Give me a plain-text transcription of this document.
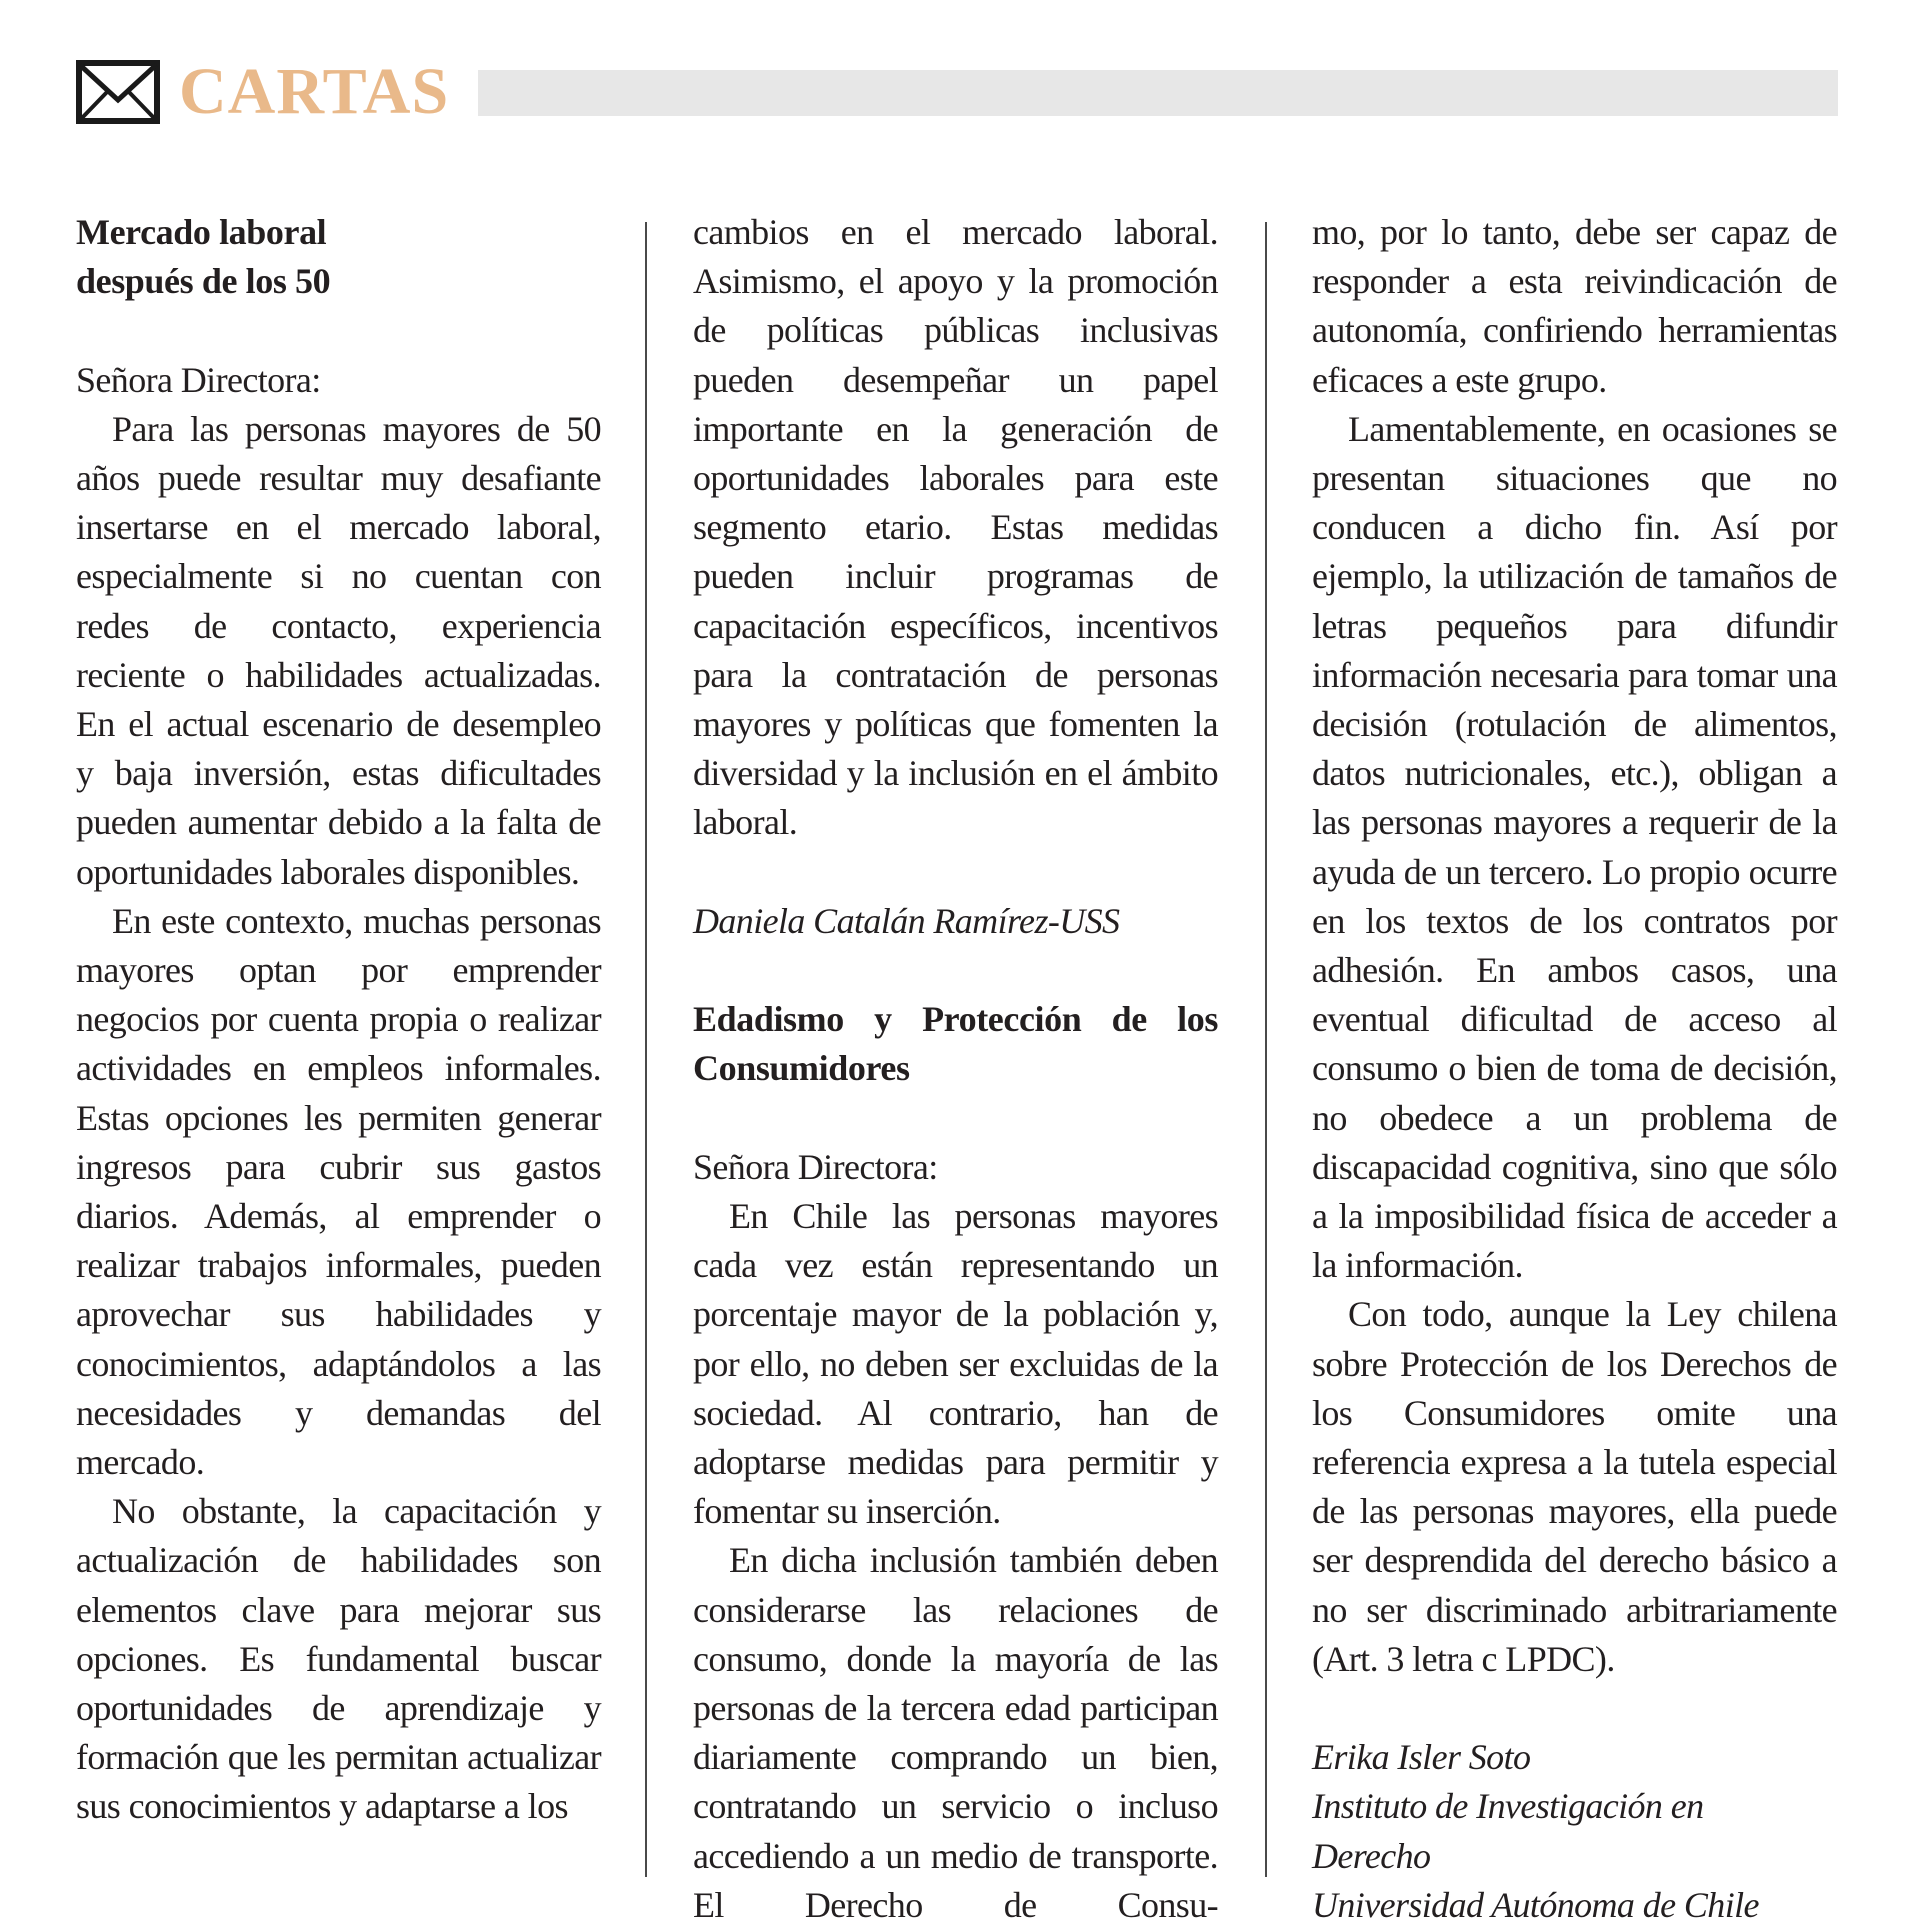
CARTAS
Mercado laboral
después de los 50

Señora Directora:

Para las personas mayores de 50 años puede resultar muy desafiante insertarse en el mercado laboral, especialmente si no cuentan con redes de contacto, experiencia reciente o habilidades actualizadas. En el actual escenario de desempleo y baja inversión, estas dificultades pueden aumentar debido a la falta de oportunidades laborales disponibles.

En este contexto, muchas personas mayores optan por emprender negocios por cuenta propia o realizar actividades en empleos informales. Estas opciones les permiten generar ingresos para cubrir sus gastos diarios. Además, al emprender o realizar trabajos informales, pueden aprovechar sus habilidades y conocimientos, adaptándolos a las necesidades y demandas del mercado.

No obstante, la capacitación y actualización de habilidades son elementos clave para mejorar sus opciones. Es fundamental buscar oportunidades de aprendizaje y formación que les permitan actualizar sus conocimientos y adaptarse a los

cambios en el mercado laboral. Asimismo, el apoyo y la promoción de políticas públicas inclusivas pueden desempeñar un papel importante en la generación de oportunidades laborales para este segmento etario. Estas medidas pueden incluir programas de capacitación específicos, incentivos para la contratación de personas mayores y políticas que fomenten la diversidad y la inclusión en el ámbito laboral.

Daniela Catalán Ramírez-USS

Edadismo y Protección de los Consumidores

Señora Directora:

En Chile las personas mayores cada vez están representando un porcentaje mayor de la población y, por ello, no deben ser excluidas de la sociedad. Al contrario, han de adoptarse medidas para permitir y fomentar su inserción.

En dicha inclusión también deben considerarse las relaciones de consumo, donde la mayoría de las personas de la tercera edad participan diariamente comprando un bien, contratando un servicio o incluso accediendo a un medio de transporte. El Derecho de Consu-

mo, por lo tanto, debe ser capaz de responder a esta reivindicación de autonomía, confiriendo herramientas eficaces a este grupo.

Lamentablemente, en ocasiones se presentan situaciones que no conducen a dicho fin. Así por ejemplo, la utilización de tamaños de letras pequeños para difundir información necesaria para tomar una decisión (rotulación de alimentos, datos nutricionales, etc.), obligan a las personas mayores a requerir de la ayuda de un tercero. Lo propio ocurre en los textos de los contratos por adhesión. En ambos casos, una eventual dificultad de acceso al consumo o bien de toma de decisión, no obedece a un problema de discapacidad cognitiva, sino que sólo a la imposibilidad física de acceder a la información.

Con todo, aunque la Ley chilena sobre Protección de los Derechos de los Consumidores omite una referencia expresa a la tutela especial de las personas mayores, ella puede ser desprendida del derecho básico a no ser discriminado arbitrariamente (Art. 3 letra c LPDC).

Erika Isler Soto

Instituto de Investigación en

Derecho

Universidad Autónoma de Chile
